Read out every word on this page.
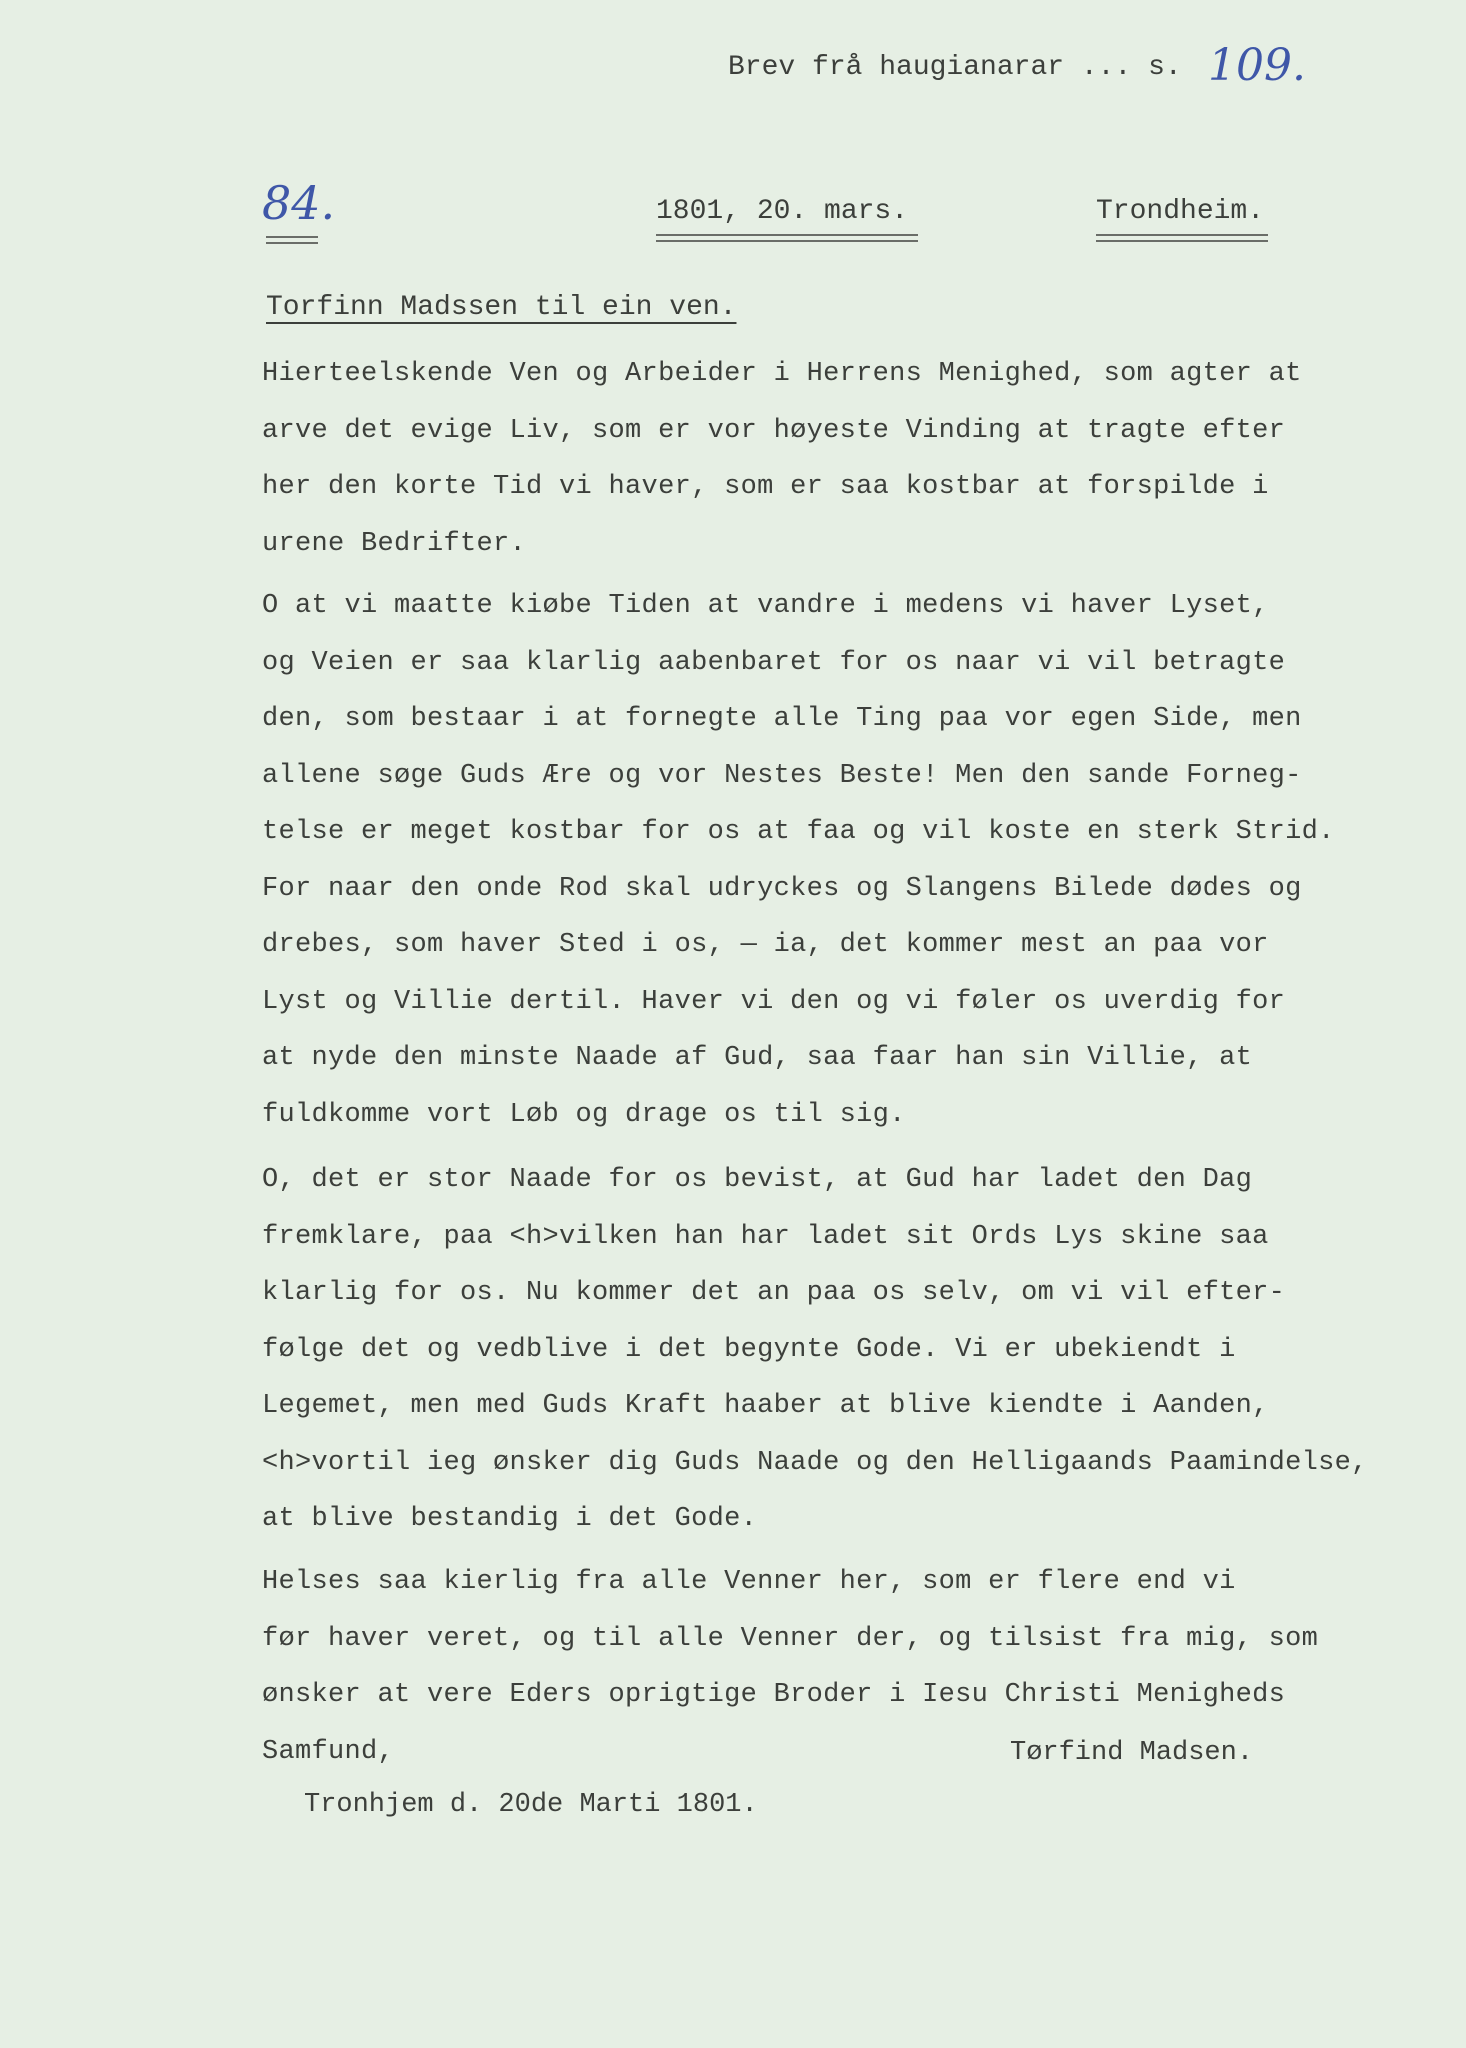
Brev frå haugianarar ... s. 109.
84.	1801, 20. mars.	Trondheim.
Torfinn Madssen til ein ven.
Hierteelskende Ven og Arbeider i Herrens Menighed, som agter at
arve det evige Liv, som er vor høyeste Vinding at tragte efter
her den korte Tid vi haver, som er saa kostbar at forspilde i
urene Bedrifter.
O at vi maatte kiøbe Tiden at vandre i medens vi haver Lyset,
og Veien er saa klarlig aabenbaret for os naar vi vil betragte
den, som bestaar i at fornegte alle Ting paa vor egen Side, men
allene søge Guds Ære og vor Nestes Beste! Men den sande Forneg-
telse er meget kostbar for os at faa og vil koste en sterk Strid.
For naar den onde Rod skal udryckes og Slangens Bilede dødes og
drebes, som haver Sted i os, — ia, det kommer mest an paa vor
Lyst og Villie dertil. Haver vi den og vi føler os uverdig for
at nyde den minste Naade af Gud, saa faar han sin Villie, at
fuldkomme vort Løb og drage os til sig.
O, det er stor Naade for os bevist, at Gud har ladet den Dag
fremklare, paa <h>vilken han har ladet sit Ords Lys skine saa
klarlig for os. Nu kommer det an paa os selv, om vi vil efter-
følge det og vedblive i det begynte Gode. Vi er ubekiendt i
Legemet, men med Guds Kraft haaber at blive kiendte i Aanden,
<h>vortil ieg ønsker dig Guds Naade og den Helligaands Paamindelse,
at blive bestandig i det Gode.
Helses saa kierlig fra alle Venner her, som er flere end vi
før haver veret, og til alle Venner der, og tilsist fra mig, som
ønsker at vere Eders oprigtige Broder i Iesu Christi Menigheds
Samfund,	Tørfind Madsen.
Tronhjem d. 20de Marti 1801.
